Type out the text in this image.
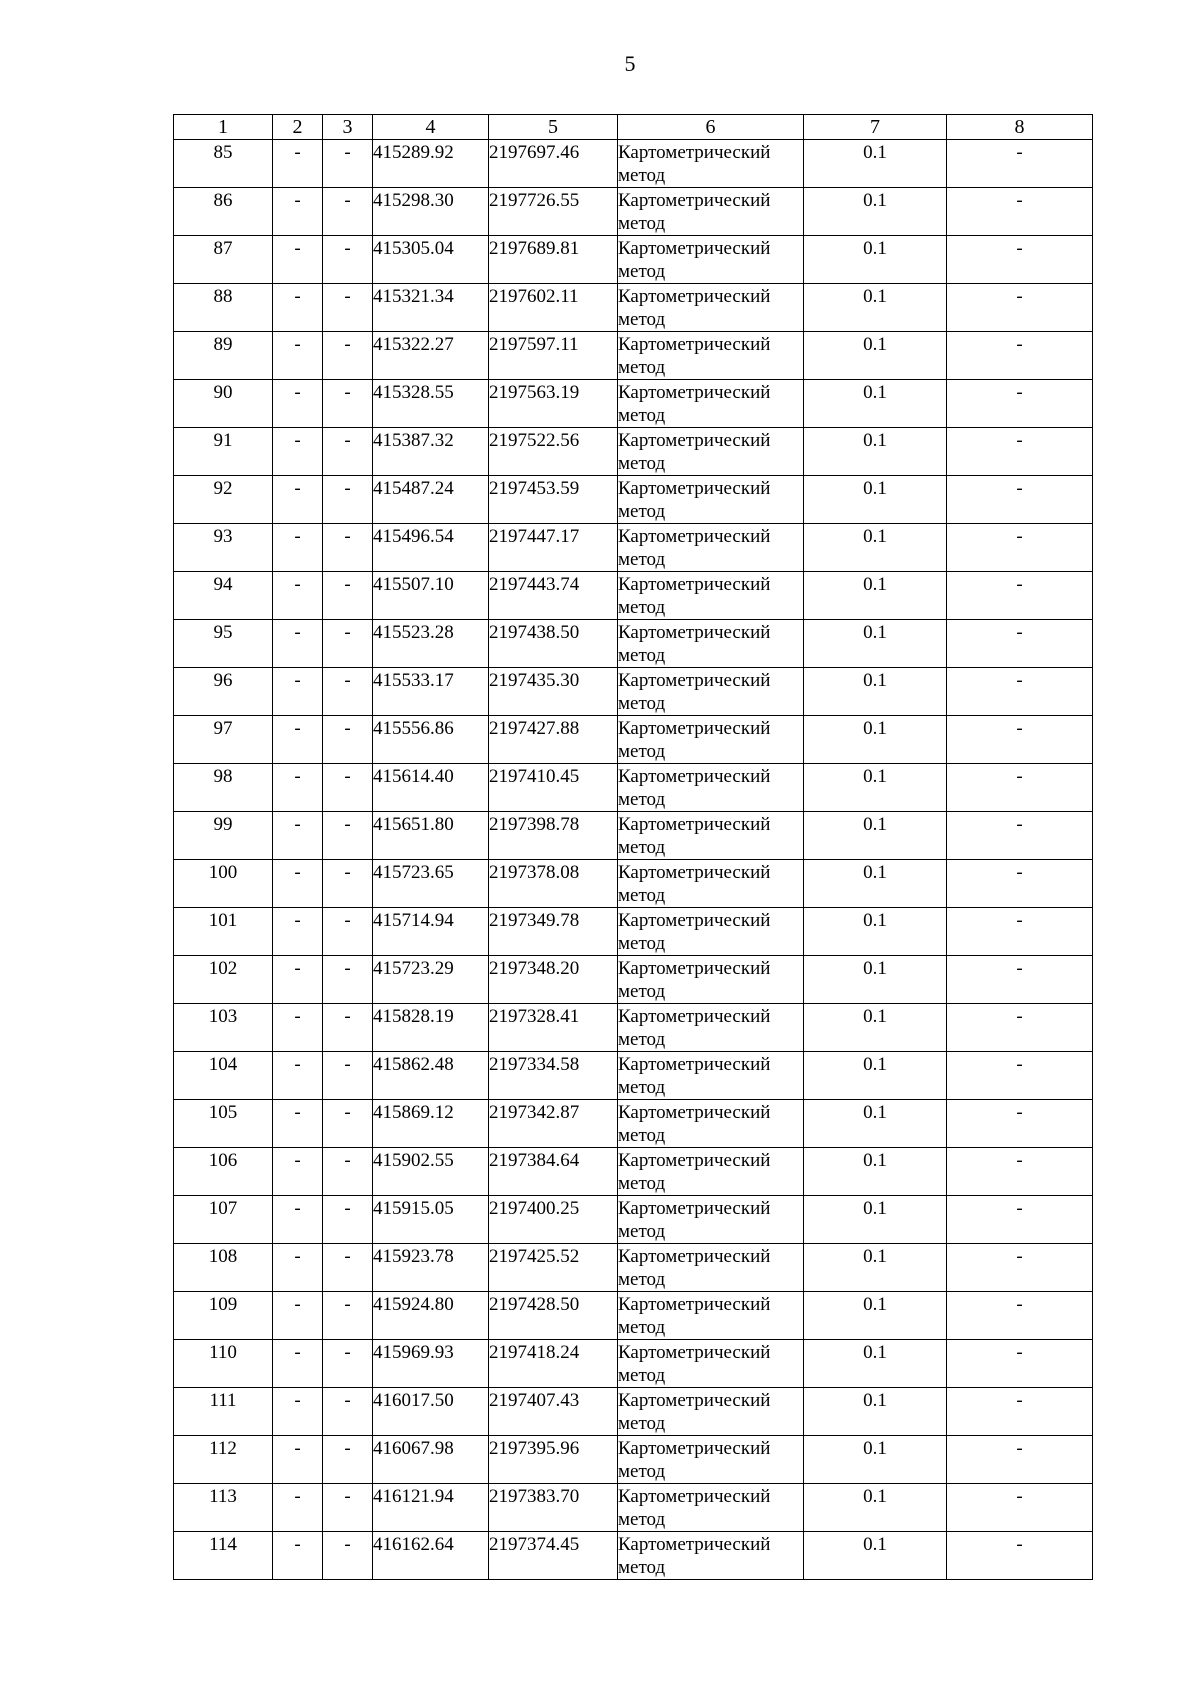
5
1	2	3	4	5	6	7	8
85	-	-	415289.92	2197697.46	Картометрический метод	0.1	-
86	-	-	415298.30	2197726.55	Картометрический метод	0.1	-
87	-	-	415305.04	2197689.81	Картометрический метод	0.1	-
88	-	-	415321.34	2197602.11	Картометрический метод	0.1	-
89	-	-	415322.27	2197597.11	Картометрический метод	0.1	-
90	-	-	415328.55	2197563.19	Картометрический метод	0.1	-
91	-	-	415387.32	2197522.56	Картометрический метод	0.1	-
92	-	-	415487.24	2197453.59	Картометрический метод	0.1	-
93	-	-	415496.54	2197447.17	Картометрический метод	0.1	-
94	-	-	415507.10	2197443.74	Картометрический метод	0.1	-
95	-	-	415523.28	2197438.50	Картометрический метод	0.1	-
96	-	-	415533.17	2197435.30	Картометрический метод	0.1	-
97	-	-	415556.86	2197427.88	Картометрический метод	0.1	-
98	-	-	415614.40	2197410.45	Картометрический метод	0.1	-
99	-	-	415651.80	2197398.78	Картометрический метод	0.1	-
100	-	-	415723.65	2197378.08	Картометрический метод	0.1	-
101	-	-	415714.94	2197349.78	Картометрический метод	0.1	-
102	-	-	415723.29	2197348.20	Картометрический метод	0.1	-
103	-	-	415828.19	2197328.41	Картометрический метод	0.1	-
104	-	-	415862.48	2197334.58	Картометрический метод	0.1	-
105	-	-	415869.12	2197342.87	Картометрический метод	0.1	-
106	-	-	415902.55	2197384.64	Картометрический метод	0.1	-
107	-	-	415915.05	2197400.25	Картометрический метод	0.1	-
108	-	-	415923.78	2197425.52	Картометрический метод	0.1	-
109	-	-	415924.80	2197428.50	Картометрический метод	0.1	-
110	-	-	415969.93	2197418.24	Картометрический метод	0.1	-
111	-	-	416017.50	2197407.43	Картометрический метод	0.1	-
112	-	-	416067.98	2197395.96	Картометрический метод	0.1	-
113	-	-	416121.94	2197383.70	Картометрический метод	0.1	-
114	-	-	416162.64	2197374.45	Картометрический метод	0.1	-
